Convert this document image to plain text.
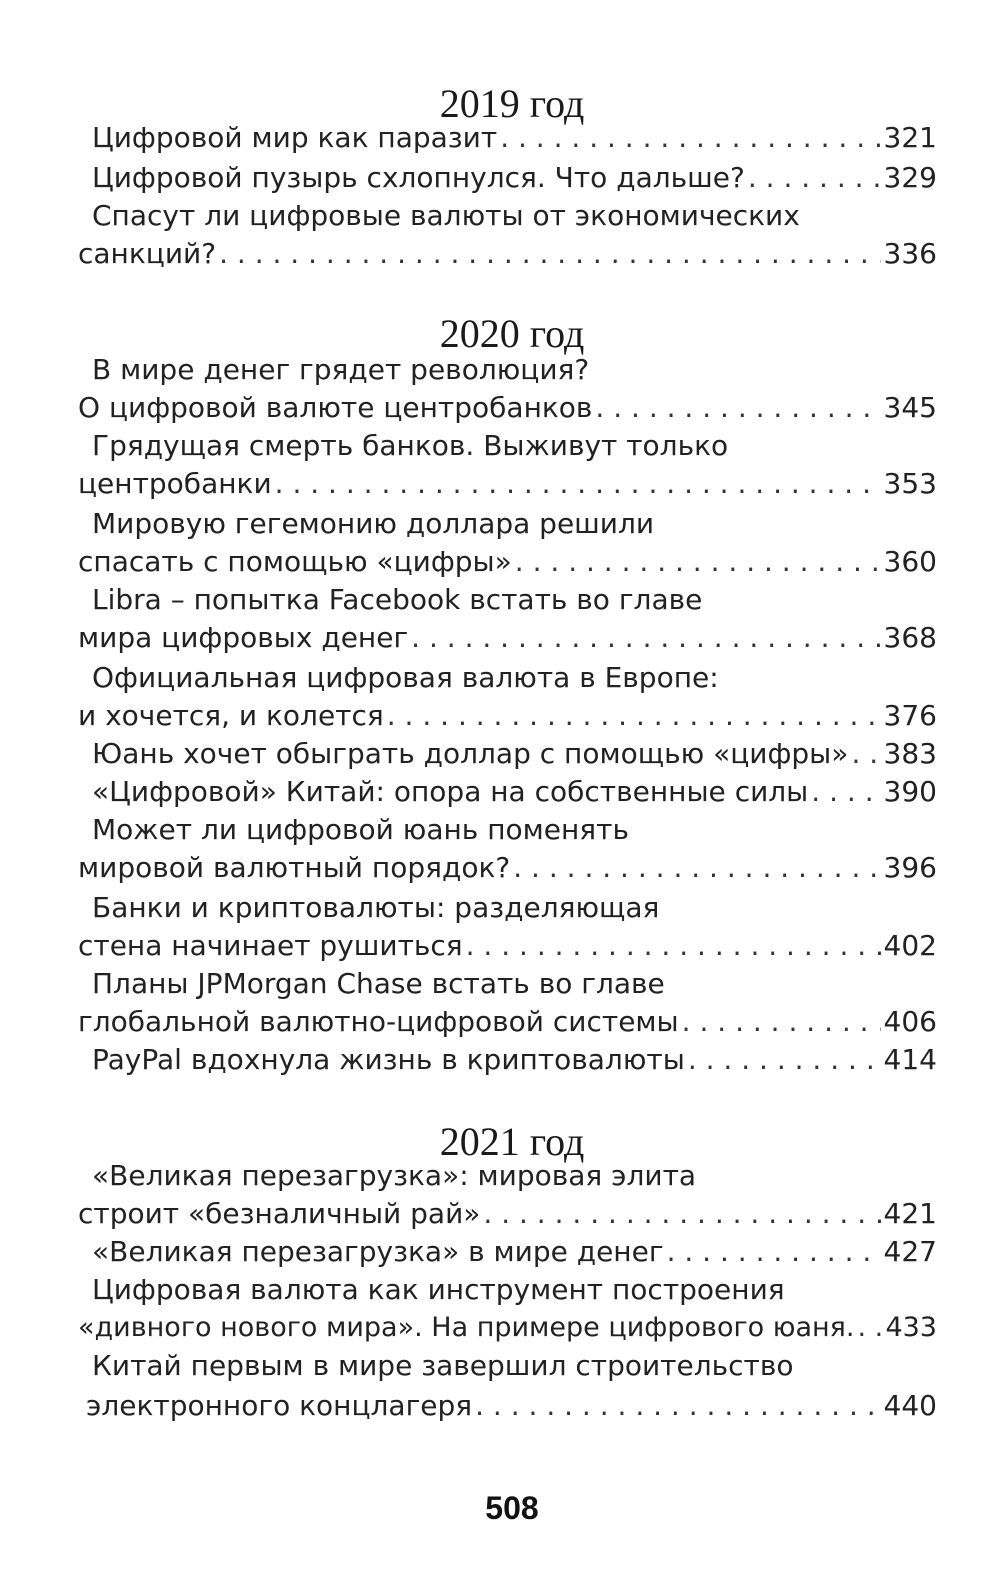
2019 год
Цифровой мир как паразит . . .	321
Цифровой пузырь схлопнулся. Что дальше? . . .	329
Спасут ли цифровые валюты от экономических
санкций? . . .	336
2020 год
В мире денег грядет революция?
О цифровой валюте центробанков . . .	345
Грядущая смерть банков. Выживут только
центробанки . . .	353
Мировую гегемонию доллара решили
спасать с помощью «цифры» . . .	360
Libra – попытка Facebook встать во главе
мира цифровых денег . . .	368
Официальная цифровая валюта в Европе:
и хочется, и колется . . .	376
Юань хочет обыграть доллар с помощью «цифры» . . . 383
«Цифровой» Китай: опора на собственные силы . . .	390
Может ли цифровой юань поменять
мировой валютный порядок? . . .	396
Банки и криптовалюты: разделяющая
стена начинает рушиться . . .	402
Планы JPMorgan Chase встать во главе
глобальной валютно-цифровой системы . . .	406
PayPal вдохнула жизнь в криптовалюты . . .	414
2021 год
«Великая перезагрузка»: мировая элита
строит «безналичный рай» . . .	421
«Великая перезагрузка» в мире денег . . .	427
Цифровая валюта как инструмент построения
«дивного нового мира». На примере цифрового юаня. . . . 433
Китай первым в мире завершил строительство
электронного концлагеря . . .	440
508
